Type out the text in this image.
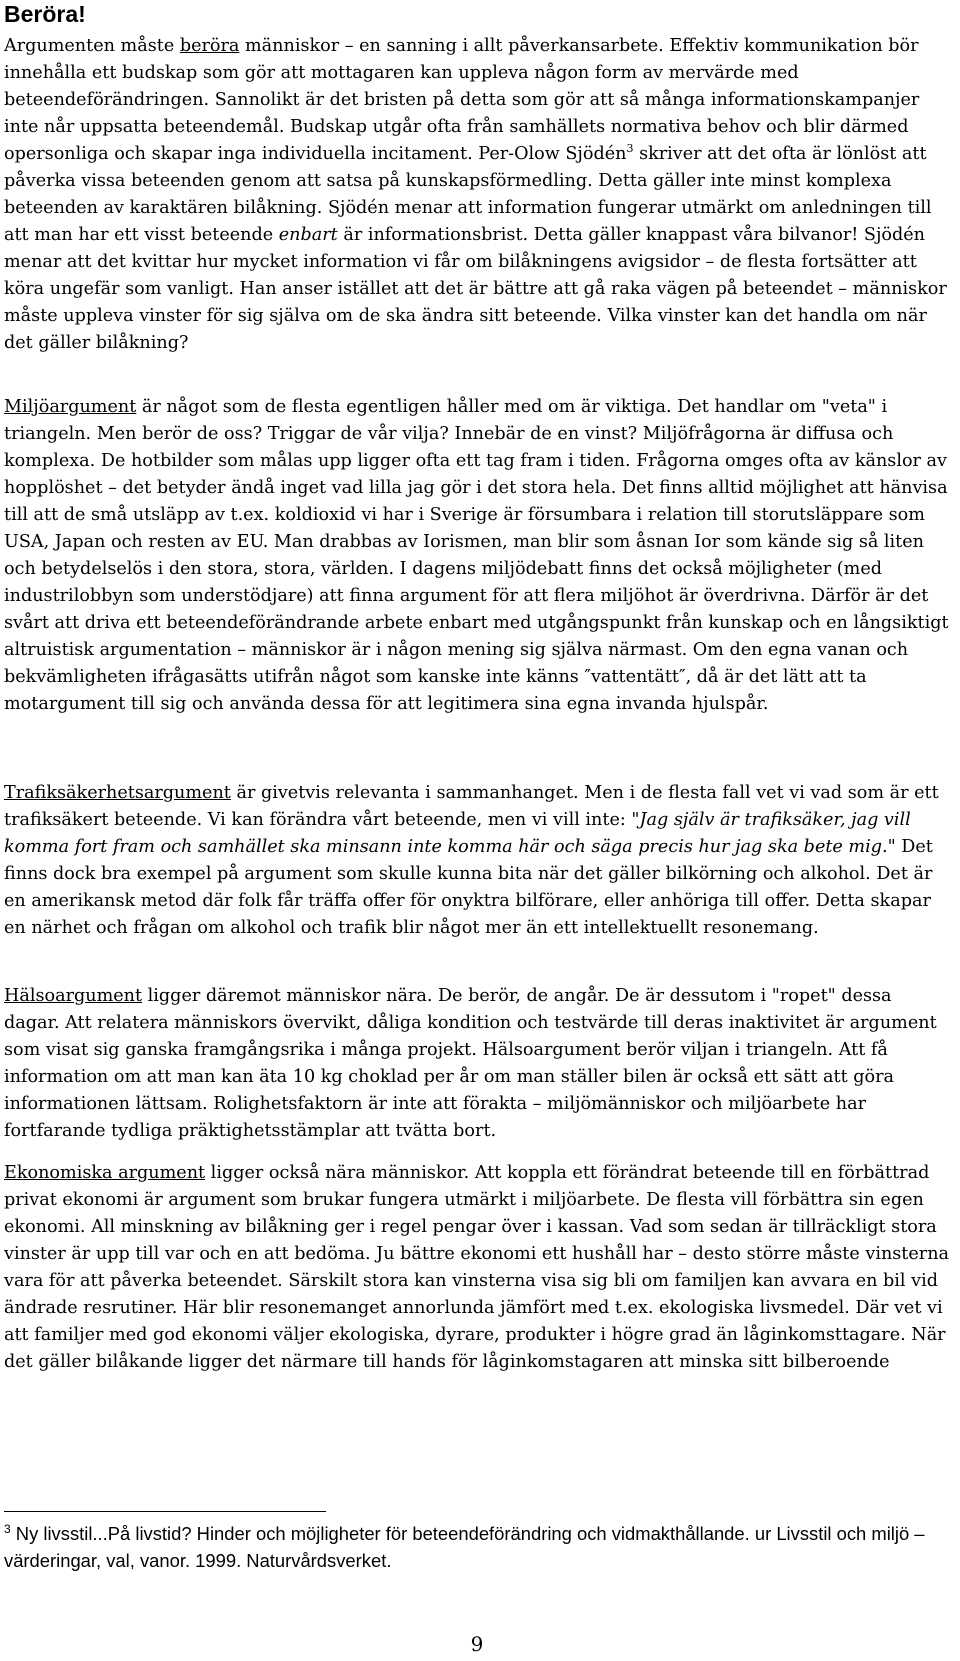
Beröra!

Argumenten måste beröra människor – en sanning i allt påverkansarbete. Effektiv kommunikation bör innehålla ett budskap som gör att mottagaren kan uppleva någon form av mervärde med beteendeförändringen. Sannolikt är det bristen på detta som gör att så många informationskampanjer inte når uppsatta beteendemål. Budskap utgår ofta från samhällets normativa behov och blir därmed opersonliga och skapar inga individuella incitament. Per-Olow Sjödén$^3$ skriver att det ofta är lönlöst att påverka vissa beteenden genom att satsa på kunskapsförmedling. Detta gäller inte minst komplexa beteenden av karaktären bilåkning. Sjödén menar att information fungerar utmärkt om anledningen till att man har ett visst beteende enbart är informationsbrist. Detta gäller knappast våra bilvanor! Sjödén menar att det kvittar hur mycket information vi får om bilåkningens avigsidor – de flesta fortsätter att köra ungefär som vanligt. Han anser istället att det är bättre att gå raka vägen på beteendet – människor måste uppleva vinster för sig själva om de ska ändra sitt beteende. Vilka vinster kan det handla om när det gäller bilåkning?

Miljöargument är något som de flesta egentligen håller med om är viktiga. Det handlar om "veta" i triangeln. Men berör de oss? Triggar de vår vilja? Innebär de en vinst? Miljöfrågorna är diffusa och komplexa. De hotbilder som målas upp ligger ofta ett tag fram i tiden. Frågorna omges ofta av känslor av hopplöshet – det betyder ändå inget vad lilla jag gör i det stora hela. Det finns alltid möjlighet att hänvisa till att de små utsläpp av t.ex. koldioxid vi har i Sverige är försumbara i relation till storutsläppare som USA, Japan och resten av EU. Man drabbas av Iorismen, man blir som åsnan Ior som kände sig så liten och betydelselös i den stora, stora, världen. I dagens miljödebatt finns det också möjligheter (med industrilobbyn som understödjare) att finna argument för att flera miljöhot är överdrivna. Därför är det svårt att driva ett beteendeförändrande arbete enbart med utgångspunkt från kunskap och en långsiktigt altruistisk argumentation – människor är i någon mening sig själva närmast. Om den egna vanan och bekvämligheten ifrågasätts utifrån något som kanske inte känns ″vattentätt″, då är det lätt att ta motargument till sig och använda dessa för att legitimera sina egna invanda hjulspår.

Trafiksäkerhetsargument är givetvis relevanta i sammanhanget. Men i de flesta fall vet vi vad som är ett trafiksäkert beteende. Vi kan förändra vårt beteende, men vi vill inte: "Jag själv är trafiksäker, jag vill komma fort fram och samhället ska minsann inte komma här och säga precis hur jag ska bete mig." Det finns dock bra exempel på argument som skulle kunna bita när det gäller bilkörning och alkohol. Det är en amerikansk metod där folk får träffa offer för onyktra bilförare, eller anhöriga till offer. Detta skapar en närhet och frågan om alkohol och trafik blir något mer än ett intellektuellt resonemang.

Hälsoargument ligger däremot människor nära. De berör, de angår. De är dessutom i "ropet" dessa dagar. Att relatera människors övervikt, dåliga kondition och testvärde till deras inaktivitet är argument som visat sig ganska framgångsrika i många projekt. Hälsoargument berör viljan i triangeln. Att få information om att man kan äta 10 kg choklad per år om man ställer bilen är också ett sätt att göra informationen lättsam. Rolighetsfaktorn är inte att förakta – miljömänniskor och miljöarbete har fortfarande tydliga präktighetsstämplar att tvätta bort.

Ekonomiska argument ligger också nära människor. Att koppla ett förändrat beteende till en förbättrad privat ekonomi är argument som brukar fungera utmärkt i miljöarbete. De flesta vill förbättra sin egen ekonomi. All minskning av bilåkning ger i regel pengar över i kassan. Vad som sedan är tillräckligt stora vinster är upp till var och en att bedöma. Ju bättre ekonomi ett hushåll har – desto större måste vinsterna vara för att påverka beteendet. Särskilt stora kan vinsterna visa sig bli om familjen kan avvara en bil vid ändrade resrutiner. Här blir resonemanget annorlunda jämfört med t.ex. ekologiska livsmedel. Där vet vi att familjer med god ekonomi väljer ekologiska, dyrare, produkter i högre grad än låginkomsttagare. När det gäller bilåkande ligger det närmare till hands för låginkomstagaren att minska sitt bilberoende

$^3$ Ny livsstil...På livstid? Hinder och möjligheter för beteendeförändring och vidmakthållande. ur Livsstil och miljö – värderingar, val, vanor. 1999. Naturvårdsverket.
9
